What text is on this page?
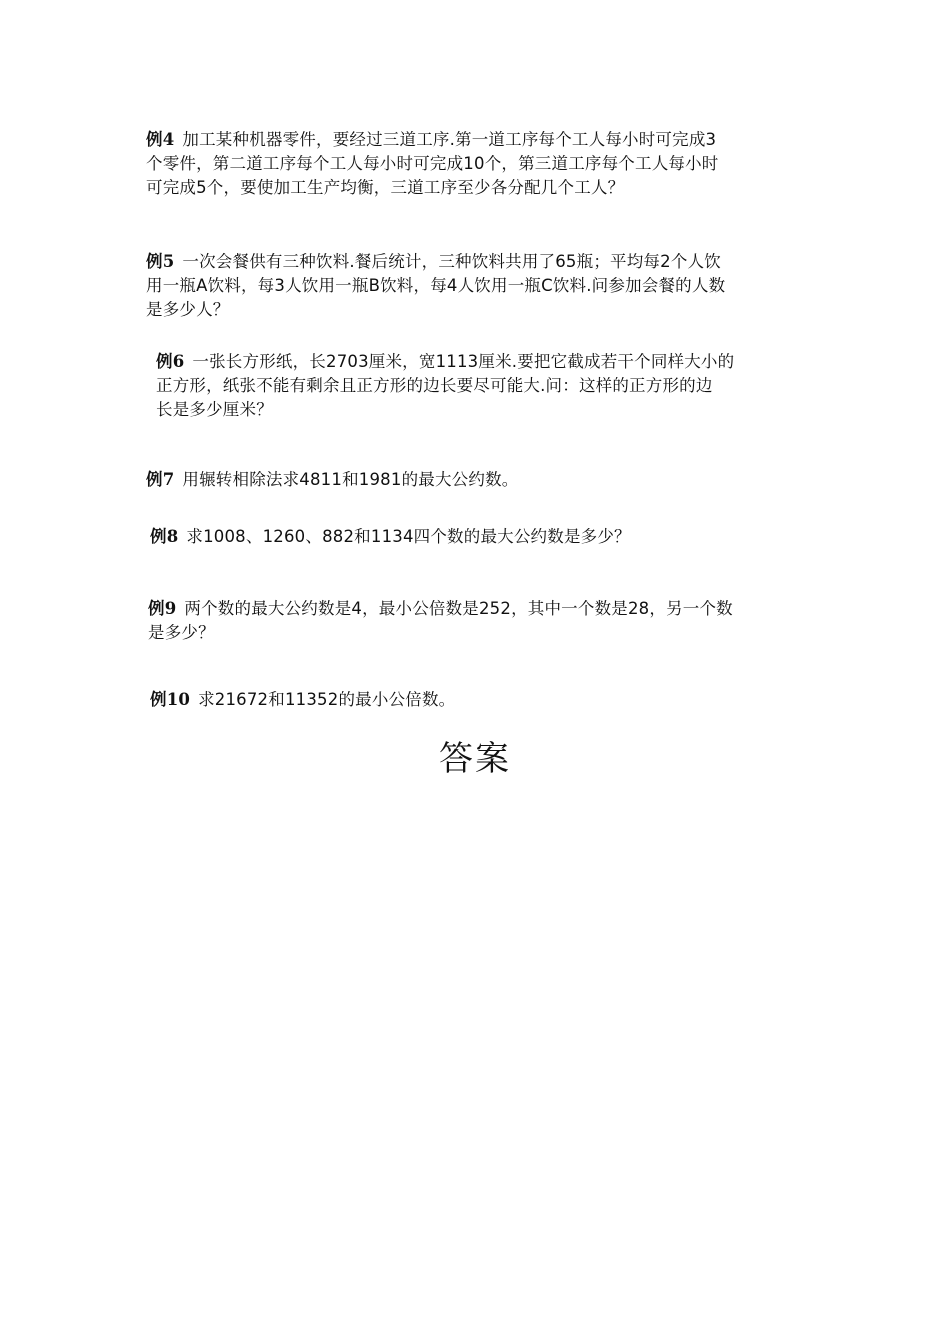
例4 加工某种机器零件，要经过三道工序.第一道工序每个工人每小时可完成3
个零件，第二道工序每个工人每小时可完成10个，第三道工序每个工人每小时
可完成5个，要使加工生产均衡，三道工序至少各分配几个工人？
例5 一次会餐供有三种饮料.餐后统计，三种饮料共用了65瓶；平均每2个人饮
用一瓶A饮料，每3人饮用一瓶B饮料，每4人饮用一瓶C饮料.问参加会餐的人数
是多少人？
例6 一张长方形纸，长2703厘米，宽1113厘米.要把它截成若干个同样大小的
正方形，纸张不能有剩余且正方形的边长要尽可能大.问：这样的正方形的边
长是多少厘米？
例7 用辗转相除法求4811和1981的最大公约数。
例8 求1008、1260、882和1134四个数的最大公约数是多少？
例9 两个数的最大公约数是4，最小公倍数是252，其中一个数是28，另一个数
是多少？
例10 求21672和11352的最小公倍数。
答案
